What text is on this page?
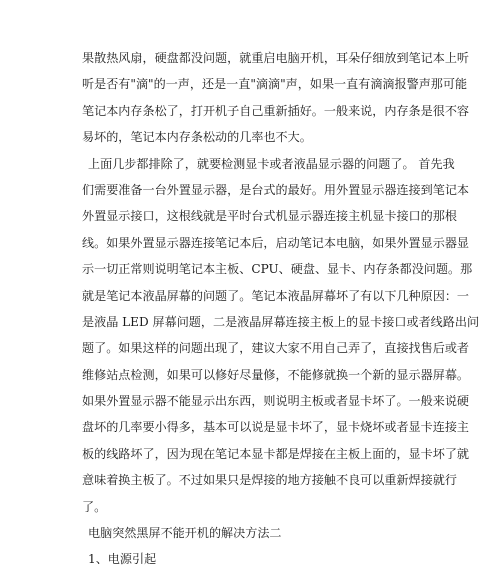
果散热风扇，硬盘都没问题，就重启电脑开机，耳朵仔细放到笔记本上听
听是否有"滴"的一声，还是一直"滴滴"声，如果一直有滴滴报警声那可能
笔记本内存条松了，打开机子自己重新插好。一般来说，内存条是很不容
易坏的，笔记本内存条松动的几率也不大。
上面几步都排除了，就要检测显卡或者液晶显示器的问题了。 首先我
们需要准备一台外置显示器，是台式的最好。用外置显示器连接到笔记本
外置显示接口，这根线就是平时台式机显示器连接主机显卡接口的那根
线。如果外置显示器连接笔记本后，启动笔记本电脑，如果外置显示器显
示一切正常则说明笔记本主板、CPU、硬盘、显卡、内存条都没问题。那
就是笔记本液晶屏幕的问题了。笔记本液晶屏幕坏了有以下几种原因：一
是液晶 LED 屏幕问题，二是液晶屏幕连接主板上的显卡接口或者线路出问
题了。如果这样的问题出现了，建议大家不用自己弄了，直接找售后或者
维修站点检测，如果可以修好尽量修，不能修就换一个新的显示器屏幕。
如果外置显示器不能显示出东西，则说明主板或者显卡坏了。一般来说硬
盘坏的几率要小得多，基本可以说是显卡坏了，显卡烧坏或者显卡连接主
板的线路坏了，因为现在笔记本显卡都是焊接在主板上面的，显卡坏了就
意味着换主板了。不过如果只是焊接的地方接触不良可以重新焊接就行
了。
电脑突然黑屏不能开机的解决方法二
1、电源引起
